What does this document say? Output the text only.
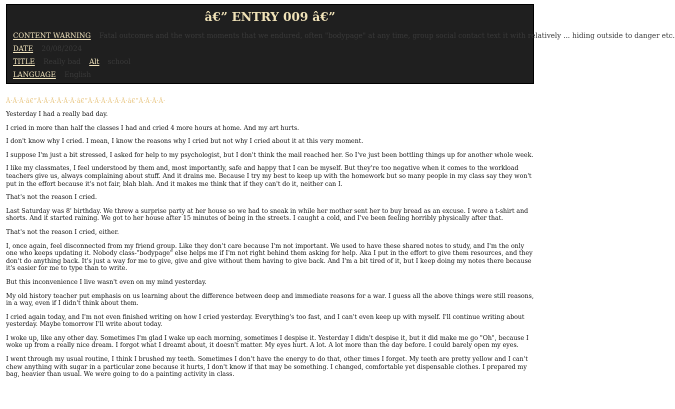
â€” ENTRY 009 â€”
CONTENT WARNING Fatal outcomes and the worst moments that we endured, often "bodypage" at any time, group social contact text it with relatively ... hiding outside to danger etc.
DATE 20/08/2024
TITLE Really bad Alt school
LANGUAGE English
Â·Â·Â·â€”Â·Â·Â·Â·Â·Â·â€”Â·Â·Â·Â·Â·Â·â€”Â·Â·Â·Â·

Yesterday I had a really bad day.

I cried in more than half the classes I had and cried 4 more hours at home. And my art hurts.

I don't know why I cried. I mean, I know the reasons why I cried but not why I cried about it at this very moment.

I suppose I'm just a bit stressed, I asked for help to my psychologist, but I don't think the mail reached her. So I've just been bottling things up for another whole week.

I like my classmates, I feel understood by them and, most importantly, safe and happy that I can be myself. But they're too negative when it comes to the workload teachers give us, always complaining about stuff. And it drains me. Because I try my best to keep up with the homework but so many people in my class say they won't put in the effort because it's not fair, blah blah. And it makes me think that if they can't do it, neither can I.

That's not the reason I cried.

Last Saturday was 8' birthday. We threw a surprise party at her house so we had to sneak in while her mother sent her to buy bread as an excuse. I wore a t-shirt and shorts. And it started raining. We got to her house after 15 minutes of being in the streets. I caught a cold, and I've been feeling horribly physically after that.

That's not the reason I cried, either.

I, once again, feel disconnected from my friend group. Like they don't care because I'm not important. We used to have these shared notes to study, and I'm the only one who keeps updating it. Nobody class-"bodypage" else helps me if I'm not right behind them asking for help. Aka I put in the effort to give them resources, and they don't do anything back. It's just a way for me to give, give and give without them having to give back. And I'm a bit tired of it, but I keep doing my notes there because it's easier for me to type than to write.

But this inconvenience I live wasn't even on my mind yesterday.

My old history teacher put emphasis on us learning about the difference between deep and immediate reasons for a war. I guess all the above things were still reasons, in a way, even if I didn't think about them.

I cried again today, and I'm not even finished writing on how I cried yesterday. Everything's too fast, and I can't even keep up with myself. I'll continue writing about yesterday. Maybe tomorrow I'll write about today.

I woke up, like any other day. Sometimes I'm glad I wake up each morning, sometimes I despise it. Yesterday I didn't despise it, but it did make me go "Oh", because I woke up from a really nice dream. I forgot what I dreamt about, it doesn't matter. My eyes hurt. A lot. A lot more than the day before. I could barely open my eyes.

I went through my usual routine, I think I brushed my teeth. Sometimes I don't have the energy to do that, other times I forget. My teeth are pretty yellow and I can't chew anything with sugar in a particular zone because it hurts, I don't know if that may be something. I changed, comfortable yet dispensable clothes. I prepared my bag, heavier than usual. We were going to do a painting activity in class.
